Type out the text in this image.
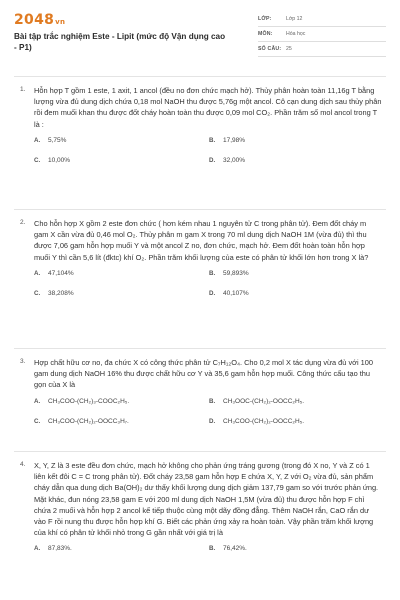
$2048^{vn}$
Bài tập trắc nghiệm Este - Lipit (mức độ Vận dụng cao - P1)
LỚP:	Lớp 12
MÔN:	Hóa học
SỐ CÂU: 25
1.	Hỗn hợp T gồm 1 este, 1 axit, 1 ancol (đều no đơn chức mạch hở). Thủy phân hoàn toàn 11,16g T bằng lượng vừa đủ dung dịch chứa 0,18 mol NaOH thu được 5,76g một ancol. Cô cạn dung dịch sau thủy phân rồi đem muối khan thu được đốt cháy hoàn toàn thu được 0,09 mol CO₂. Phần trăm số mol ancol trong T là :
A.	5,75%	B.	17,98%
C.	10,00%	D.	32,00%
2.	Cho hỗn hợp X gồm 2 este đơn chức ( hơn kém nhau 1 nguyên tử C trong phân tử). Đem đốt cháy m gam X cần vừa đủ 0,46 mol O₂. Thủy phân m gam X trong 70 ml dung dịch NaOH 1M (vừa đủ) thì thu được 7,06 gam hỗn hợp muối Y và một ancol Z no, đơn chức, mạch hở. Đem đốt hoàn toàn hỗn hợp muối Y thì cần 5,6 lít (đktc) khí O₂. Phần trăm khối lượng của este có phân tử khối lớn hơn trong X là?
A.	47,104%	B.	59,893%
C.	38,208%	D.	40,107%
3.	Hợp chất hữu cơ no, đa chức X có công thức phân tử C₇H₁₂O₄. Cho 0,2 mol X tác dụng vừa đủ với 100 gam dung dịch NaOH 16% thu được chất hữu cơ Y và 35,6 gam hỗn hợp muối. Công thức cấu tạo thu gọn của X là
A.	CH₃COO-(CH₂)₃-COOC₂H₅.	B.	CH₃OOC-(CH₂)₂-OOCC₂H₅.
C.	CH₃COO-(CH₂)₂-OOCC₃H₇.	D.	CH₃COO-(CH₂)₂-OOCC₂H₅.
4.	X, Y, Z là 3 este đều đơn chức, mạch hở không cho phản ứng tráng gương (trong đó X no, Y và Z có 1 liên kết đôi C = C trong phân tử). Đốt cháy 23,58 gam hỗn hợp E chứa X, Y, Z với O₂ vừa đủ, sản phẩm cháy dẫn qua dung dịch Ba(OH)₂ dư thấy khối lượng dung dịch giảm 137,79 gam so với trước phản ứng. Mặt khác, đun nóng 23,58 gam E với 200 ml dung dịch NaOH 1,5M (vừa đủ) thu được hỗn hợp F chỉ chứa 2 muối và hỗn hợp 2 ancol kế tiếp thuộc cùng một dãy đồng đẳng. Thêm NaOH rắn, CaO rắn dư vào F rồi nung thu được hỗn hợp khí G. Biết các phản ứng xảy ra hoàn toàn. Vậy phần trăm khối lượng của khí có phân tử khối nhỏ trong G gần nhất với giá trị là
A.	87,83%.	B.	76,42%.
